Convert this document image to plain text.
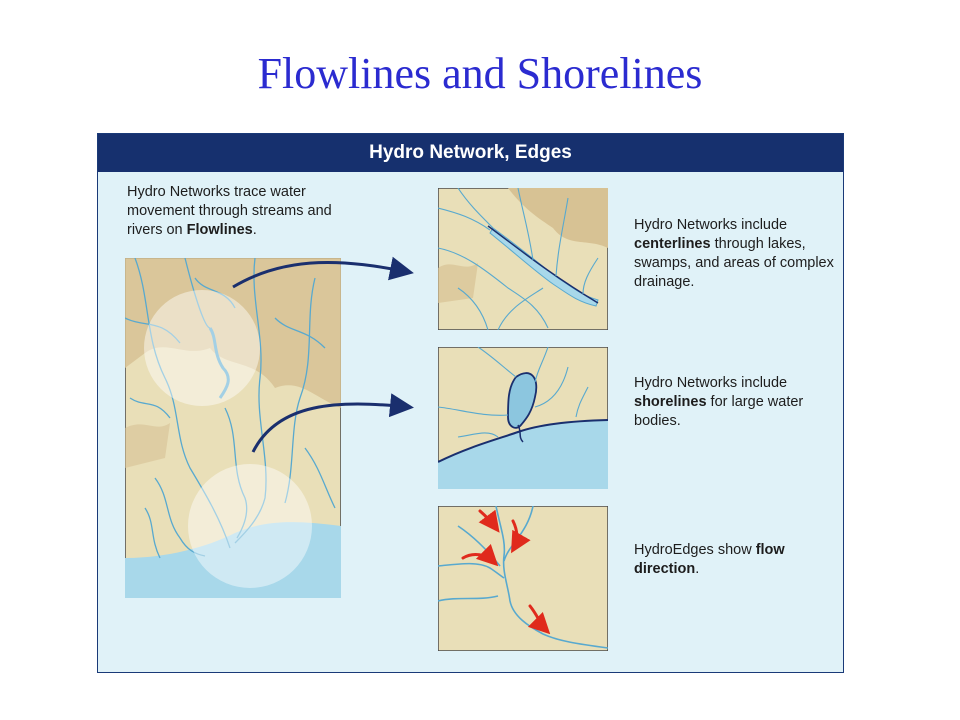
Flowlines and Shorelines
Hydro Network, Edges
Hydro Networks trace water movement through streams and rivers on Flowlines.	Hydro Networks include centerlines through lakes, swamps, and areas of complex drainage.
Hydro Networks include shorelines for large water bodies.
HydroEdges show flow direction.
